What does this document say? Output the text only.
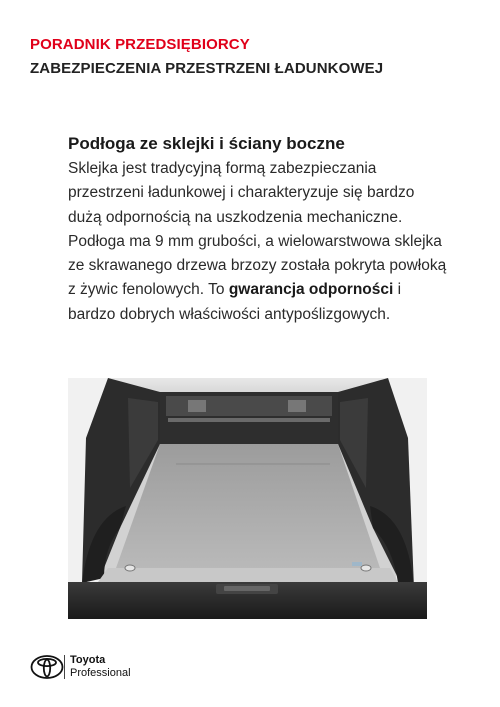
PORADNIK PRZEDSIĘBIORCY
ZABEZPIECZENIA PRZESTRZENI ŁADUNKOWEJ
Podłoga ze sklejki i ściany boczne

Sklejka jest tradycyjną formą zabezpieczania przestrzeni ładunkowej i charakteryzuje się bardzo dużą odpornością na uszkodzenia mechaniczne. Podłoga ma 9 mm grubości, a wielowarstwowa sklejka ze skrawanego drzewa brzozy została pokryta powłoką z żywic fenolowych. To gwarancja odporności i bardzo dobrych właściwości antypoślizgowych.

Toyota
Professional
